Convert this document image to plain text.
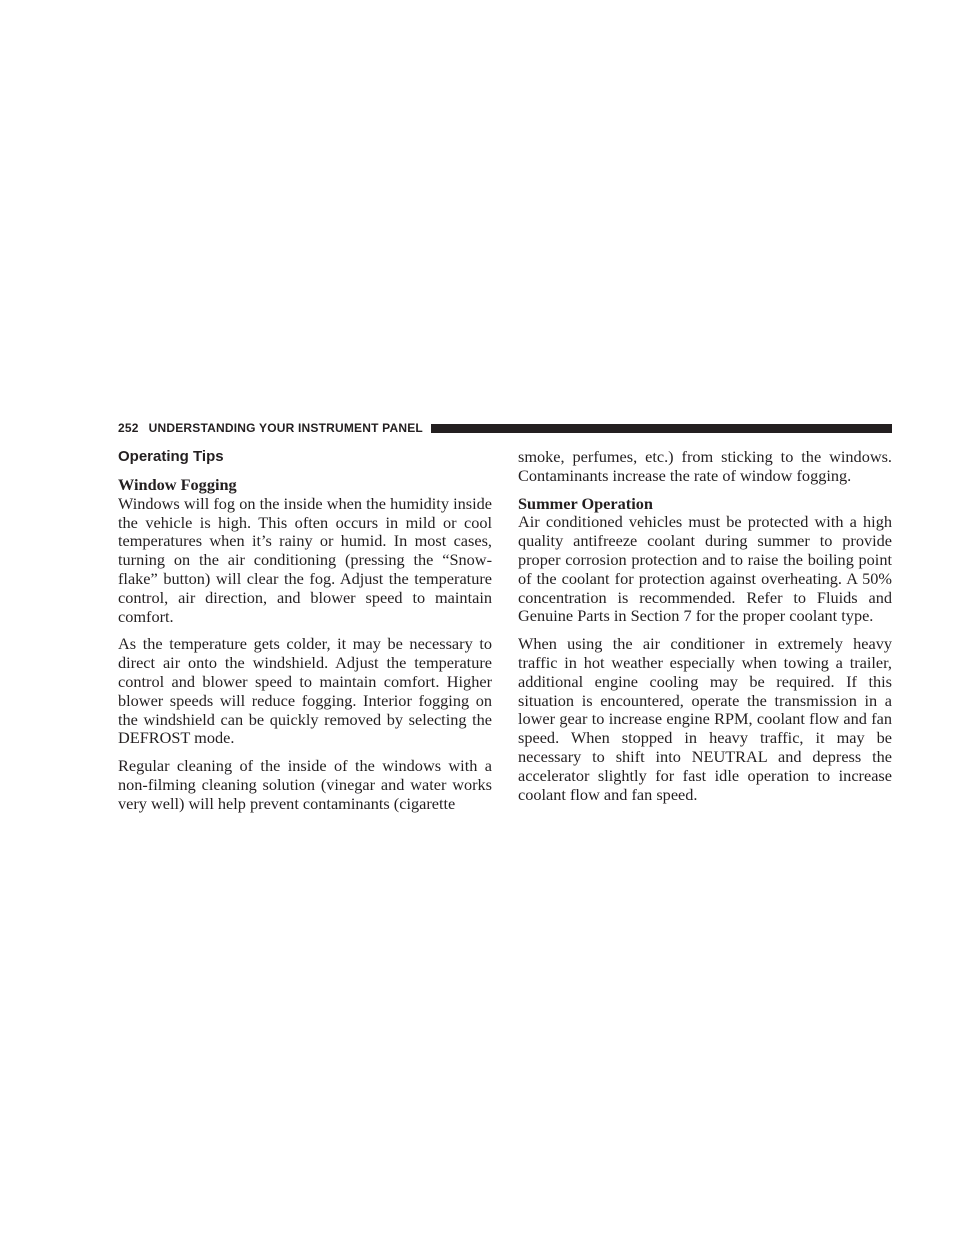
252 UNDERSTANDING YOUR INSTRUMENT PANEL
Operating Tips

Window Fogging

Windows will fog on the inside when the humidity inside the vehicle is high. This often occurs in mild or cool temperatures when it’s rainy or humid. In most cases, turning on the air conditioning (pressing the “Snow-flake” button) will clear the fog. Adjust the temperature control, air direction, and blower speed to maintain comfort.

As the temperature gets colder, it may be necessary to direct air onto the windshield. Adjust the temperature control and blower speed to maintain comfort. Higher blower speeds will reduce fogging. Interior fogging on the windshield can be quickly removed by selecting the DEFROST mode.

Regular cleaning of the inside of the windows with a non-filming cleaning solution (vinegar and water works very well) will help prevent contaminants (cigarette

smoke, perfumes, etc.) from sticking to the windows. Contaminants increase the rate of window fogging.

Summer Operation

Air conditioned vehicles must be protected with a high quality antifreeze coolant during summer to provide proper corrosion protection and to raise the boiling point of the coolant for protection against overheating. A 50% concentration is recommended. Refer to Fluids and Genuine Parts in Section 7 for the proper coolant type.

When using the air conditioner in extremely heavy traffic in hot weather especially when towing a trailer, additional engine cooling may be required. If this situation is encountered, operate the transmission in a lower gear to increase engine RPM, coolant flow and fan speed. When stopped in heavy traffic, it may be necessary to shift into NEUTRAL and depress the accelerator slightly for fast idle operation to increase coolant flow and fan speed.
